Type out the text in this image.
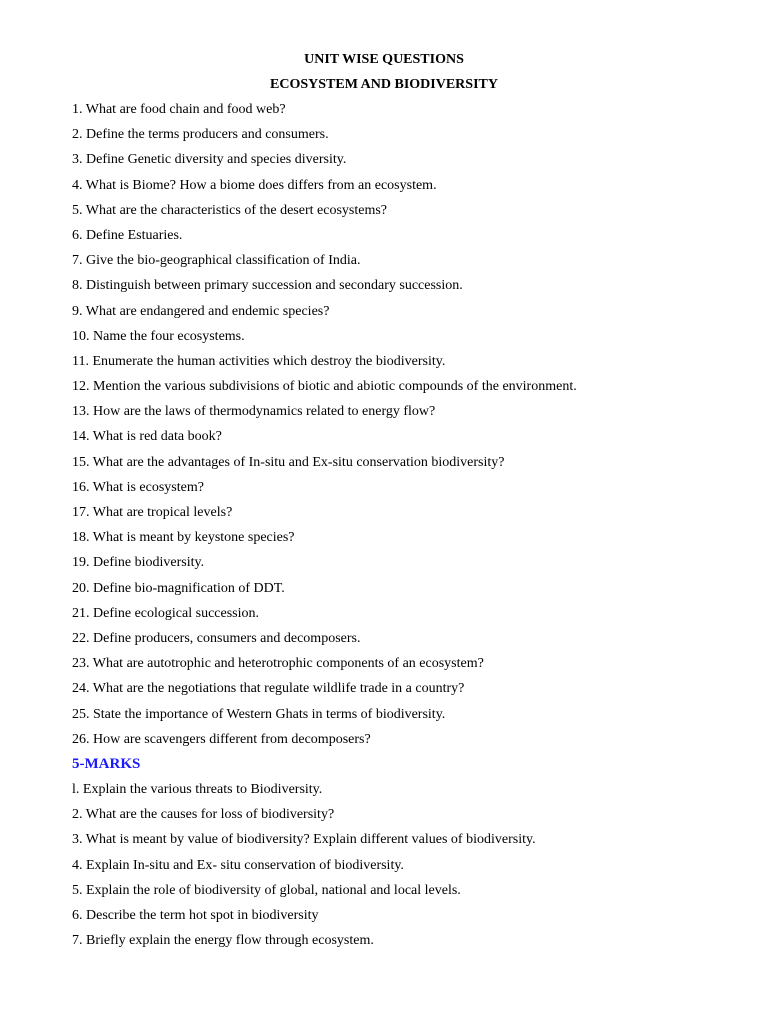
UNIT WISE QUESTIONS
ECOSYSTEM AND BIODIVERSITY
1. What are food chain and food web?
2. Define the terms producers and consumers.
3. Define Genetic diversity and species diversity.
4. What is Biome? How a biome does differs from an ecosystem.
5. What are the characteristics of the desert ecosystems?
6. Define Estuaries.
7. Give the bio-geographical classification of India.
8. Distinguish between primary succession and secondary succession.
9. What are endangered and endemic species?
10. Name the four ecosystems.
11. Enumerate the human activities which destroy the biodiversity.
12. Mention the various subdivisions of biotic and abiotic compounds of the environment.
13. How are the laws of thermodynamics related to energy flow?
14. What is red data book?
15. What are the advantages of In-situ and Ex-situ conservation biodiversity?
16. What is ecosystem?
17. What are tropical levels?
18. What is meant by keystone species?
19. Define biodiversity.
20. Define bio-magnification of DDT.
21. Define ecological succession.
22. Define producers, consumers and decomposers.
23. What are autotrophic and heterotrophic components of an ecosystem?
24. What are the negotiations that regulate wildlife trade in a country?
25. State the importance of Western Ghats in terms of biodiversity.
26. How are scavengers different from decomposers?
5-MARKS
l. Explain the various threats to Biodiversity.
2. What are the causes for loss of biodiversity?
3. What is meant by value of biodiversity? Explain different values of biodiversity.
4. Explain In-situ and Ex- situ conservation of biodiversity.
5. Explain the role of biodiversity of global, national and local levels.
6. Describe the term hot spot in biodiversity
7. Briefly explain the energy flow through ecosystem.
